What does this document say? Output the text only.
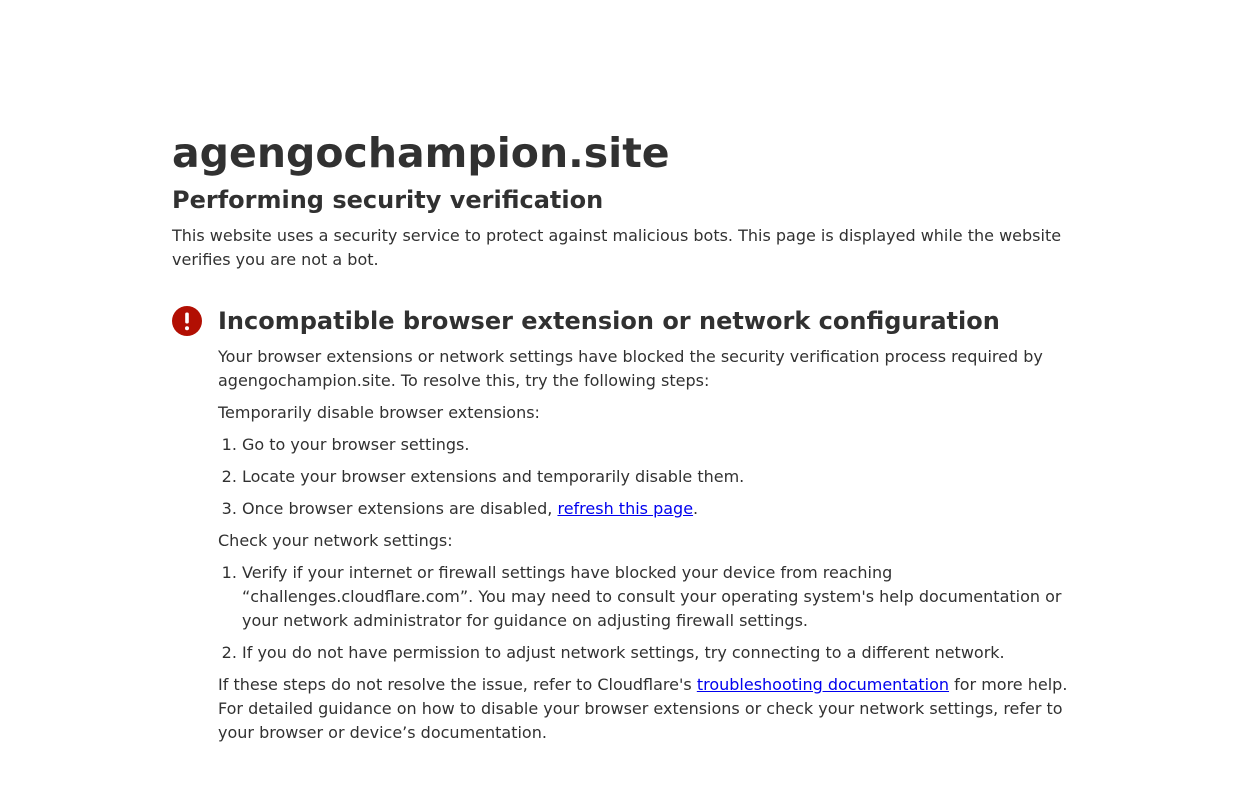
agengochampion.site
Performing security verification

This website uses a security service to protect against malicious bots. This page is displayed while the website verifies you are not a bot.

Incompatible browser extension or network configuration

Your browser extensions or network settings have blocked the security verification process required by agengochampion.site. To resolve this, try the following steps:

Temporarily disable browser extensions:

1. Go to your browser settings.
2. Locate your browser extensions and temporarily disable them.
3. Once browser extensions are disabled, refresh this page.

Check your network settings:

1. Verify if your internet or firewall settings have blocked your device from reaching “challenges.cloudflare.com”. You may need to consult your operating system's help documentation or your network administrator for guidance on adjusting firewall settings.
2. If you do not have permission to adjust network settings, try connecting to a different network.

If these steps do not resolve the issue, refer to Cloudflare's troubleshooting documentation for more help. For detailed guidance on how to disable your browser extensions or check your network settings, refer to your browser or device’s documentation.
